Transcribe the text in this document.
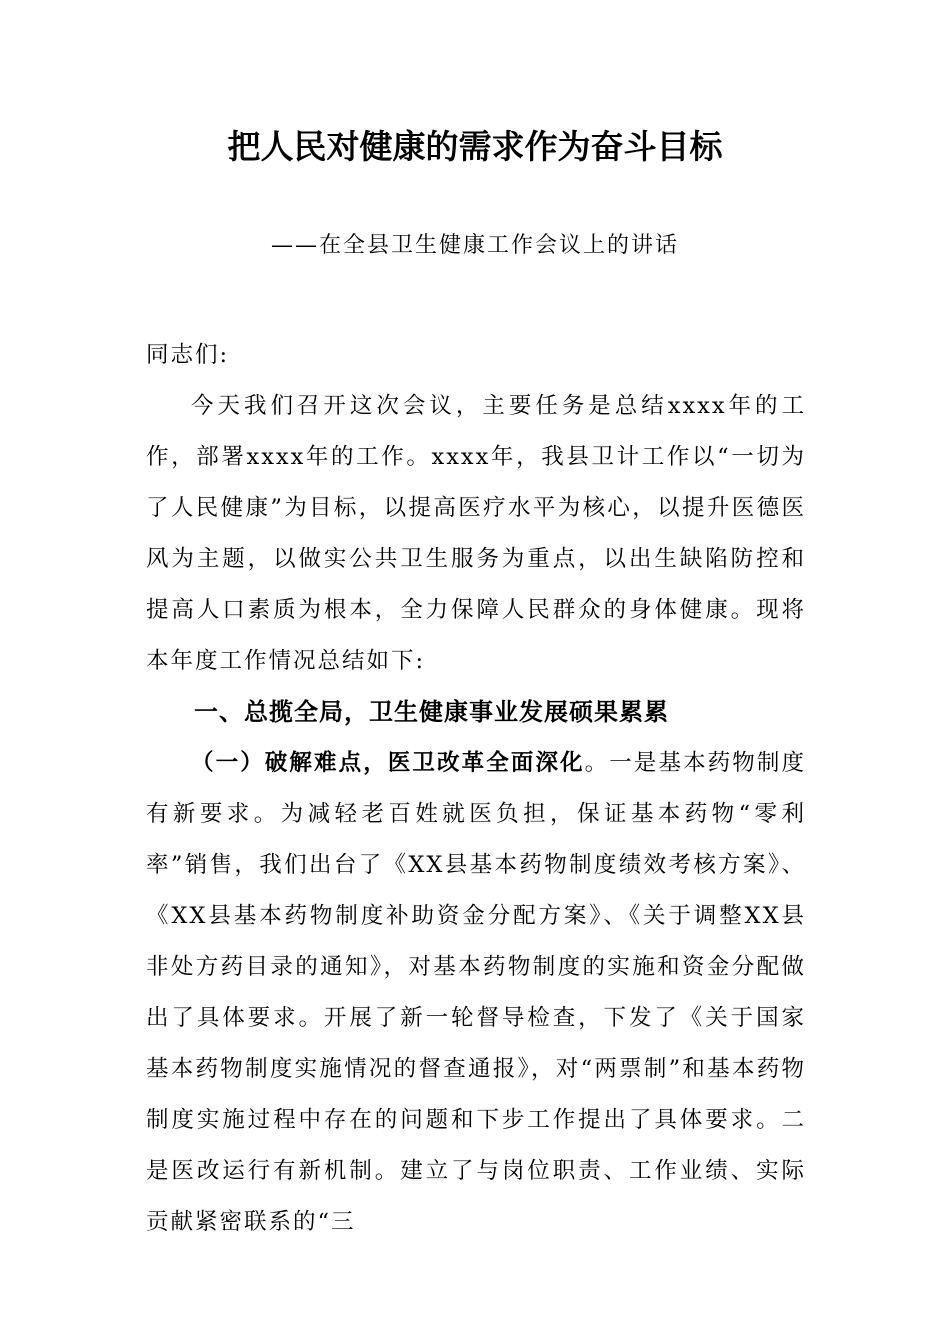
把人民对健康的需求作为奋斗目标
——在全县卫生健康工作会议上的讲话

同志们:

今天我们召开这次会议，主要任务是总结xxxx年的工作，部署xxxx年的工作。xxxx年，我县卫计工作以“一切为了人民健康”为目标，以提高医疗水平为核心，以提升医德医风为主题，以做实公共卫生服务为重点，以出生缺陷防控和提高人口素质为根本，全力保障人民群众的身体健康。现将本年度工作情况总结如下:

一、总揽全局，卫生健康事业发展硕果累累

（一）破解难点，医卫改革全面深化。一是基本药物制度有新要求。为减轻老百姓就医负担，保证基本药物“零利率”销售，我们出台了《XX县基本药物制度绩效考核方案》、《XX县基本药物制度补助资金分配方案》、《关于调整XX县非处方药目录的通知》，对基本药物制度的实施和资金分配做出了具体要求。开展了新一轮督导检查，下发了《关于国家基本药物制度实施情况的督查通报》，对“两票制”和基本药物制度实施过程中存在的问题和下步工作提出了具体要求。二是医改运行有新机制。建立了与岗位职责、工作业绩、实际贡献紧密联系的“三
